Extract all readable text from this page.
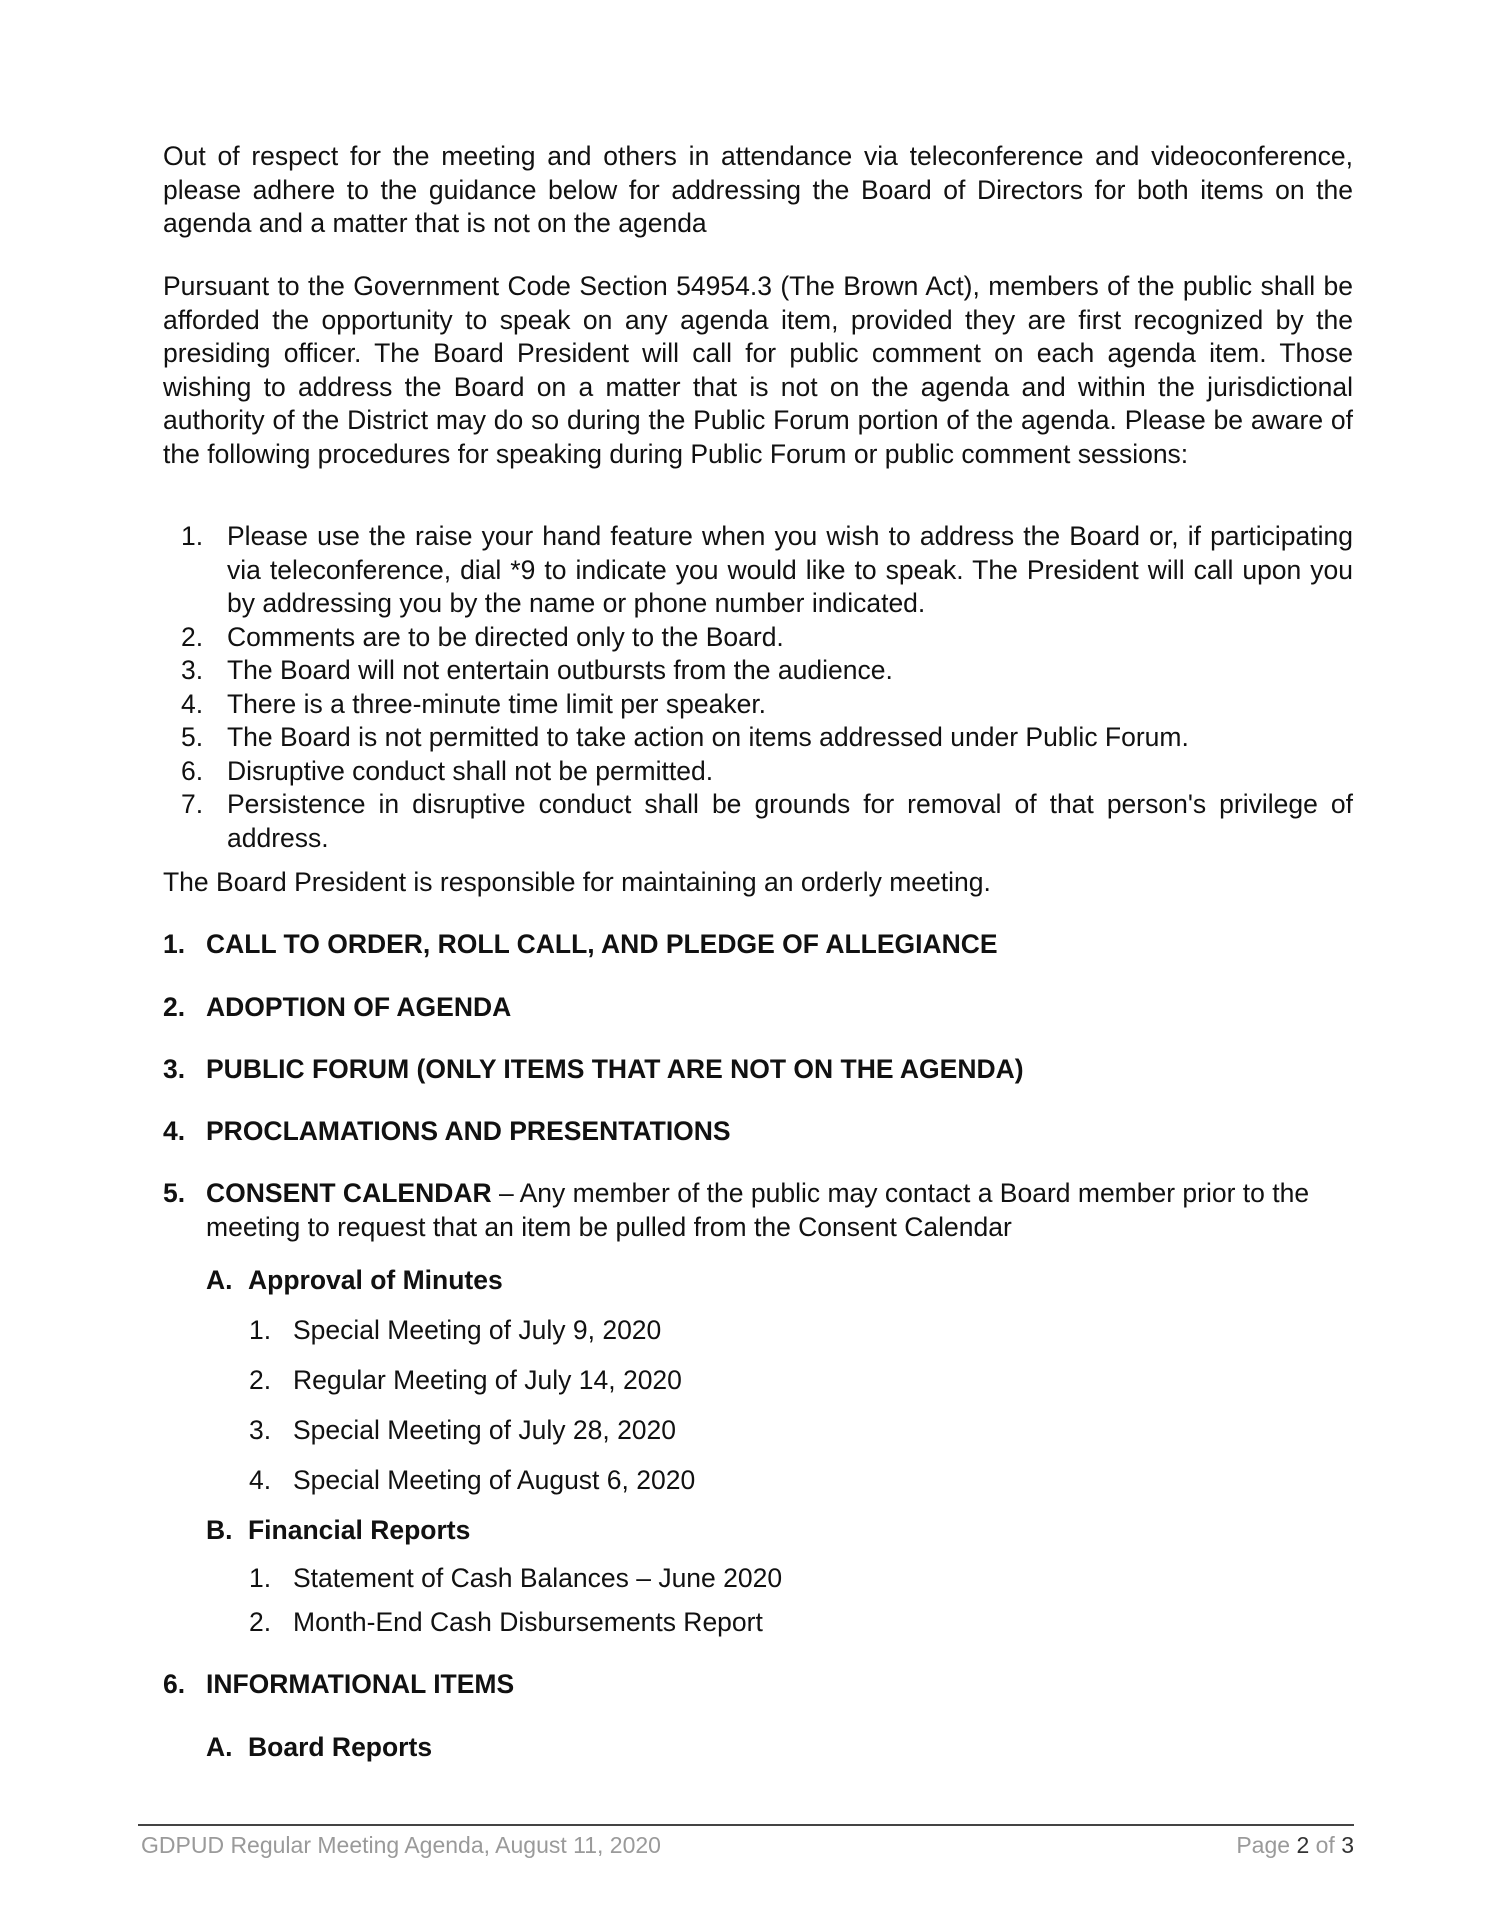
Out of respect for the meeting and others in attendance via teleconference and videoconference, please adhere to the guidance below for addressing the Board of Directors for both items on the agenda and a matter that is not on the agenda

Pursuant to the Government Code Section 54954.3 (The Brown Act), members of the public shall be afforded the opportunity to speak on any agenda item, provided they are first recognized by the presiding officer. The Board President will call for public comment on each agenda item. Those wishing to address the Board on a matter that is not on the agenda and within the jurisdictional authority of the District may do so during the Public Forum portion of the agenda. Please be aware of the following procedures for speaking during Public Forum or public comment sessions:

1. Please use the raise your hand feature when you wish to address the Board or, if participating via teleconference, dial *9 to indicate you would like to speak. The President will call upon you by addressing you by the name or phone number indicated.
2. Comments are to be directed only to the Board.
3. The Board will not entertain outbursts from the audience.
4. There is a three-minute time limit per speaker.
5. The Board is not permitted to take action on items addressed under Public Forum.
6. Disruptive conduct shall not be permitted.
7. Persistence in disruptive conduct shall be grounds for removal of that person's privilege of address.

The Board President is responsible for maintaining an orderly meeting.

1. CALL TO ORDER, ROLL CALL, AND PLEDGE OF ALLEGIANCE
2. ADOPTION OF AGENDA
3. PUBLIC FORUM (ONLY ITEMS THAT ARE NOT ON THE AGENDA)
4. PROCLAMATIONS AND PRESENTATIONS
5. CONSENT CALENDAR – Any member of the public may contact a Board member prior to the meeting to request that an item be pulled from the Consent Calendar

A. Approval of Minutes

1. Special Meeting of July 9, 2020

2. Regular Meeting of July 14, 2020

3. Special Meeting of July 28, 2020

4. Special Meeting of August 6, 2020

B. Financial Reports

1. Statement of Cash Balances – June 2020

2. Month-End Cash Disbursements Report

6. INFORMATIONAL ITEMS

A. Board Reports

GDPUD Regular Meeting Agenda, August 11, 2020	Page 2 of 3
